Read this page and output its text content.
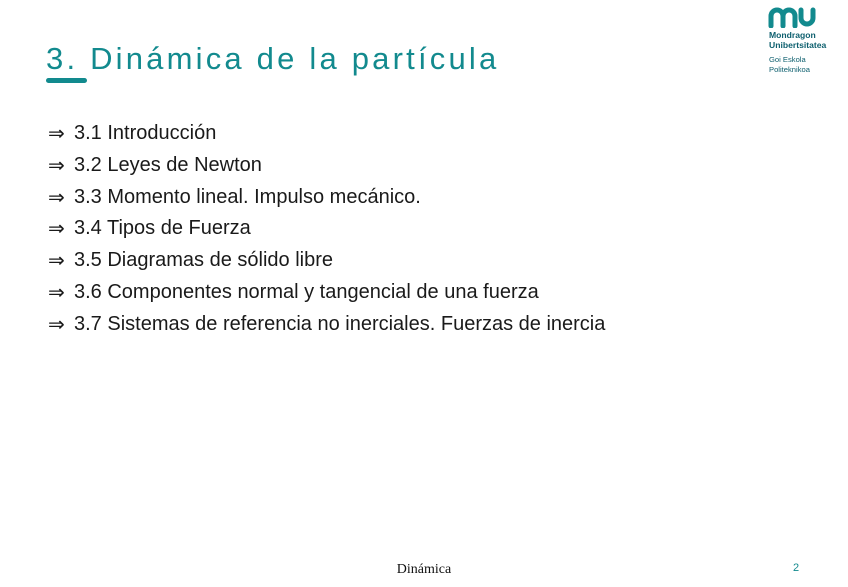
3. Dinámica de la partícula
Mondragon
Unibertsitatea
Goi Eskola
Politeknikoa
⇒ 3.1 Introducción
⇒ 3.2 Leyes de Newton
⇒ 3.3 Momento lineal. Impulso mecánico.
⇒ 3.4 Tipos de Fuerza
⇒ 3.5 Diagramas de sólido libre
⇒ 3.6 Componentes normal y tangencial de una fuerza
⇒ 3.7 Sistemas de referencia no inerciales. Fuerzas de inercia
Dinámica	2
